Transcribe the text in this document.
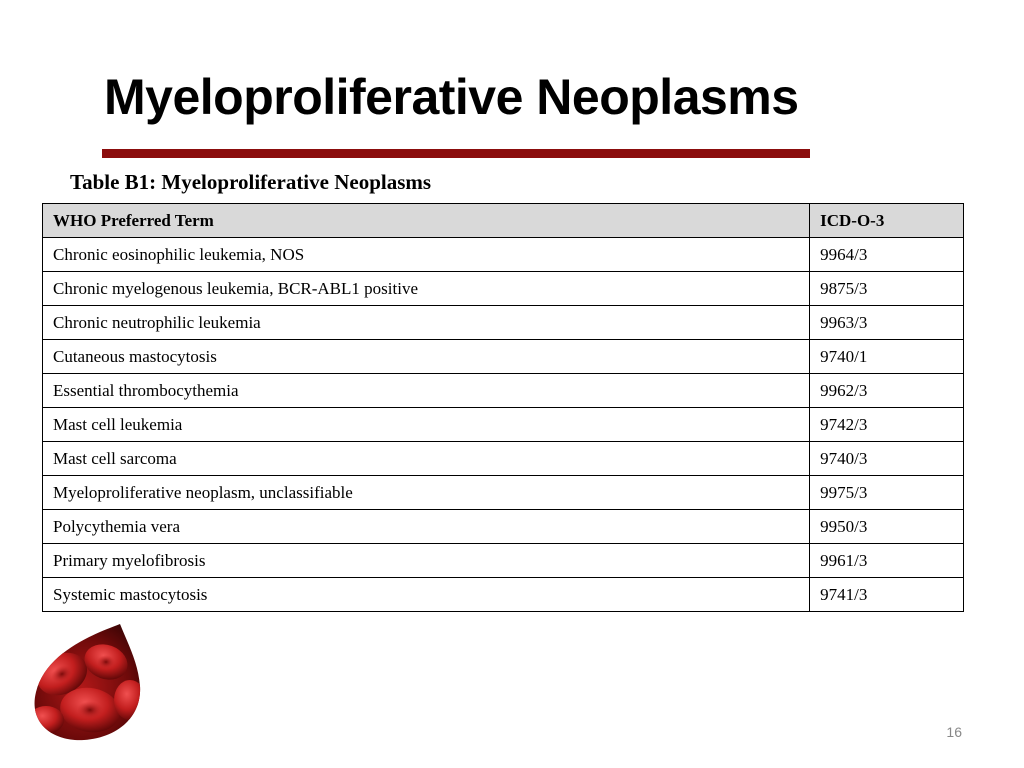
Myeloproliferative Neoplasms
Table B1: Myeloproliferative Neoplasms
WHO Preferred Term	ICD-O-3
Chronic eosinophilic leukemia, NOS	9964/3
Chronic myelogenous leukemia, BCR-ABL1 positive	9875/3
Chronic neutrophilic leukemia	9963/3
Cutaneous mastocytosis	9740/1
Essential thrombocythemia	9962/3
Mast cell leukemia	9742/3
Mast cell sarcoma	9740/3
Myeloproliferative neoplasm, unclassifiable	9975/3
Polycythemia vera	9950/3
Primary myelofibrosis	9961/3
Systemic mastocytosis	9741/3
16
